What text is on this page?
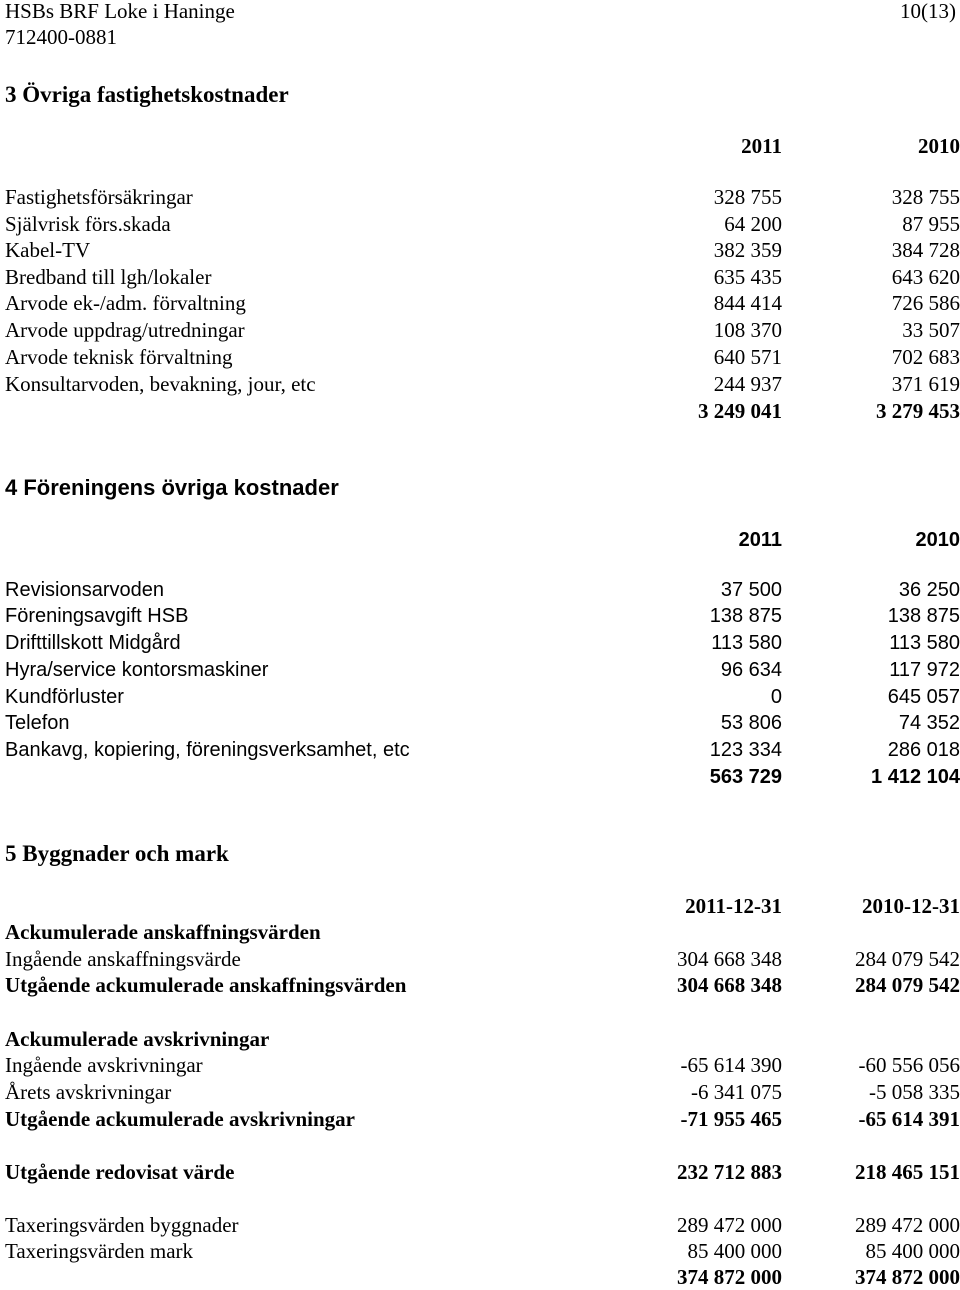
HSBs BRF Loke i Haninge	10(13)
712400-0881
3 Övriga fastighetskostnader
2011	2010
Fastighetsförsäkringar	328 755	328 755
Självrisk förs.skada	64 200	87 955
Kabel-TV	382 359	384 728
Bredband till lgh/lokaler	635 435	643 620
Arvode ek-/adm. förvaltning	844 414	726 586
Arvode uppdrag/utredningar	108 370	33 507
Arvode teknisk förvaltning	640 571	702 683
Konsultarvoden, bevakning, jour, etc	244 937	371 619
3 249 041	3 279 453
4 Föreningens övriga kostnader
2011	2010
Revisionsarvoden	37 500	36 250
Föreningsavgift HSB	138 875	138 875
Drifttillskott Midgård	113 580	113 580
Hyra/service kontorsmaskiner	96 634	117 972
Kundförluster	0	645 057
Telefon	53 806	74 352
Bankavg, kopiering, föreningsverksamhet, etc	123 334	286 018
563 729	1 412 104
5 Byggnader och mark
2011-12-31	2010-12-31
Ackumulerade anskaffningsvärden
Ingående anskaffningsvärde	304 668 348	284 079 542
Utgående ackumulerade anskaffningsvärden	304 668 348	284 079 542
Ackumulerade avskrivningar
Ingående avskrivningar	-65 614 390	-60 556 056
Årets avskrivningar	-6 341 075	-5 058 335
Utgående ackumulerade avskrivningar	-71 955 465	-65 614 391
Utgående redovisat värde	232 712 883	218 465 151
Taxeringsvärden byggnader	289 472 000	289 472 000
Taxeringsvärden mark	85 400 000	85 400 000
374 872 000	374 872 000
